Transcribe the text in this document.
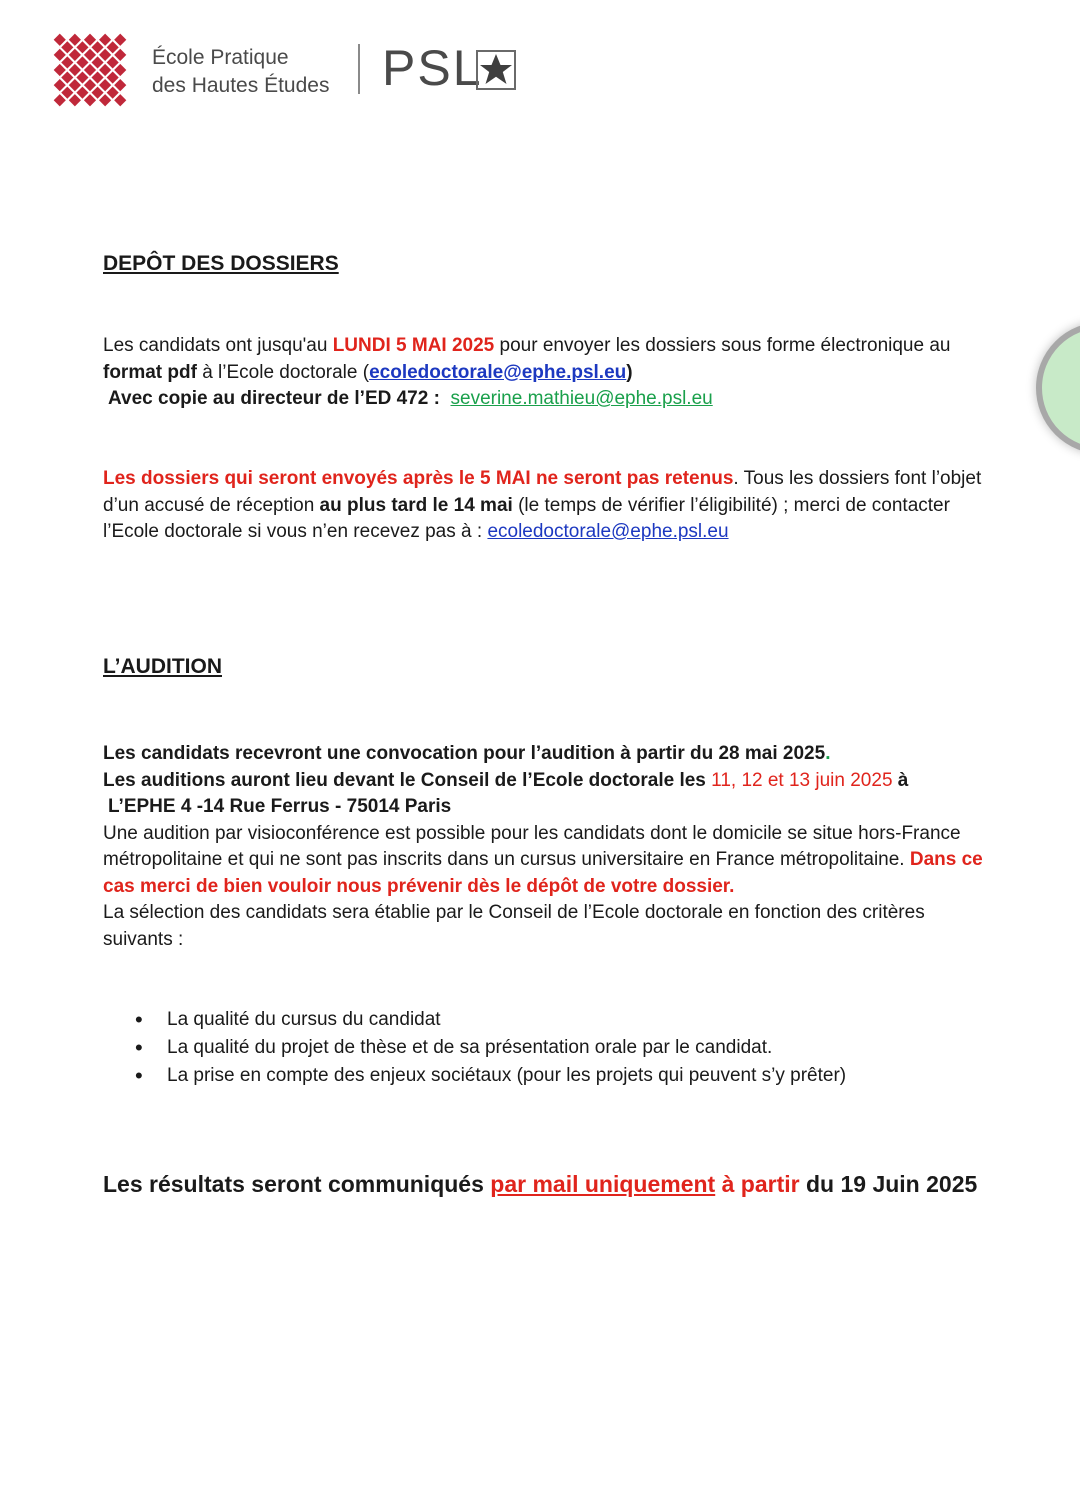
École Pratique
des Hautes Études PSL
DEPÔT DES DOSSIERS

Les candidats ont jusqu'au LUNDI 5 MAI 2025 pour envoyer les dossiers sous forme électronique au format pdf à l’Ecole doctorale (ecoledoctorale@ephe.psl.eu)

Avec copie au directeur de l’ED 472 : severine.mathieu@ephe.psl.eu

Les dossiers qui seront envoyés après le 5 MAI ne seront pas retenus. Tous les dossiers font l’objet d’un accusé de réception au plus tard le 14 mai (le temps de vérifier l’éligibilité) ; merci de contacter l’Ecole doctorale si vous n’en recevez pas à : ecoledoctorale@ephe.psl.eu

L’AUDITION

Les candidats recevront une convocation pour l’audition à partir du 28 mai 2025.

Les auditions auront lieu devant le Conseil de l’Ecole doctorale les 11, 12 et 13 juin 2025 à

L’EPHE 4 -14 Rue Ferrus - 75014 Paris

Une audition par visioconférence est possible pour les candidats dont le domicile se situe hors-France métropolitaine et qui ne sont pas inscrits dans un cursus universitaire en France métropolitaine. Dans ce cas merci de bien vouloir nous prévenir dès le dépôt de votre dossier.

La sélection des candidats sera établie par le Conseil de l’Ecole doctorale en fonction des critères suivants :

• La qualité du cursus du candidat
• La qualité du projet de thèse et de sa présentation orale par le candidat.
• La prise en compte des enjeux sociétaux (pour les projets qui peuvent s’y prêter)
Les résultats seront communiqués par mail uniquement à partir du 19 Juin 2025
